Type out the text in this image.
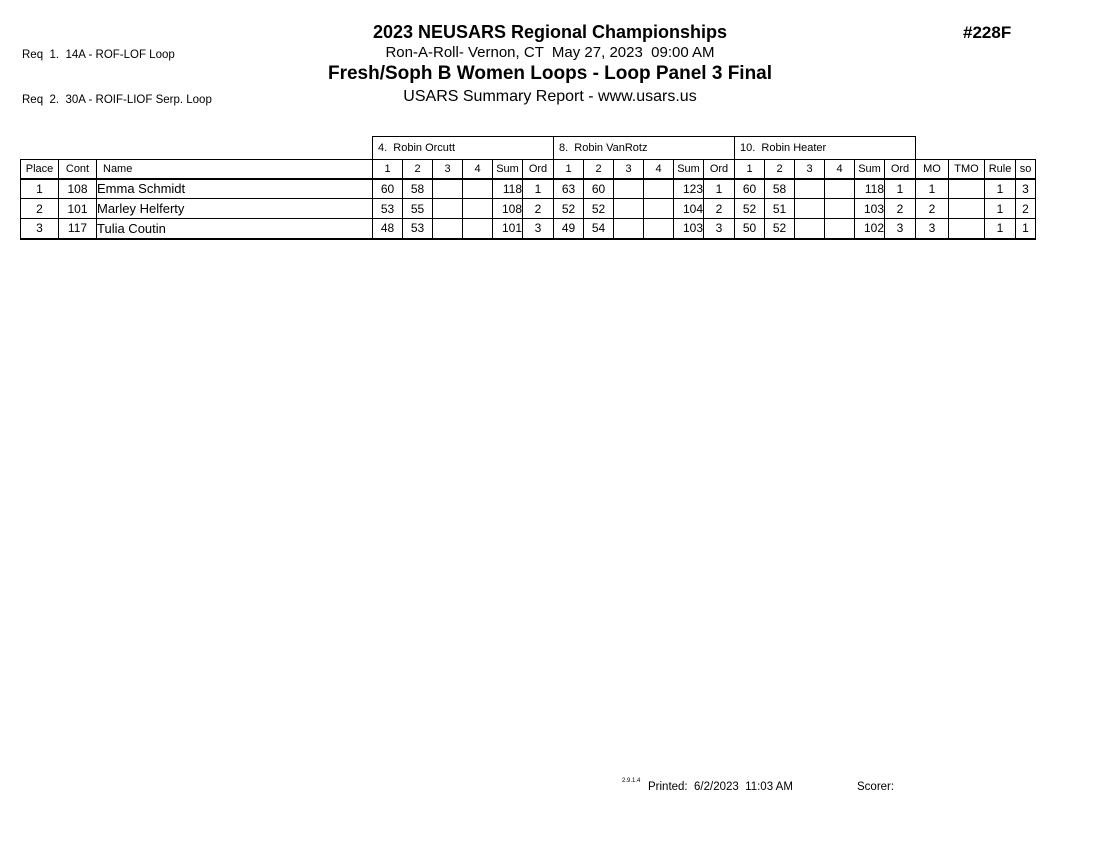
Req  1.  14A - ROF-LOF Loop

Req  2.  30A - ROIF-LIOF Serp. Loop

2023 NEUSARS Regional Championships
Ron-A-Roll- Vernon, CT  May 27, 2023  09:00 AM
Fresh/Soph B Women Loops - Loop Panel 3 Final
USARS Summary Report - www.usars.us
#228F
			4.  Robin Orcutt						8.  Robin VanRotz						10.  Robin Heater									
Place	Cont	Name	1	2	3	4	Sum	Ord	1	2	3	4	Sum	Ord	1	2	3	4	Sum	Ord	MO	TMO	Rule	so
1	108	Emma Schmidt	60	58			118	1	63	60			123	1	60	58			118	1	1		1	3
2	101	Marley Helferty	53	55			108	2	52	52			104	2	52	51			103	2	2		1	2
3	117	Tulia Coutin	48	53			101	3	49	54			103	3	50	52			102	3	3		1	1
2.9.1.4 Printed:  6/2/2023  11:03 AM	Scorer:
